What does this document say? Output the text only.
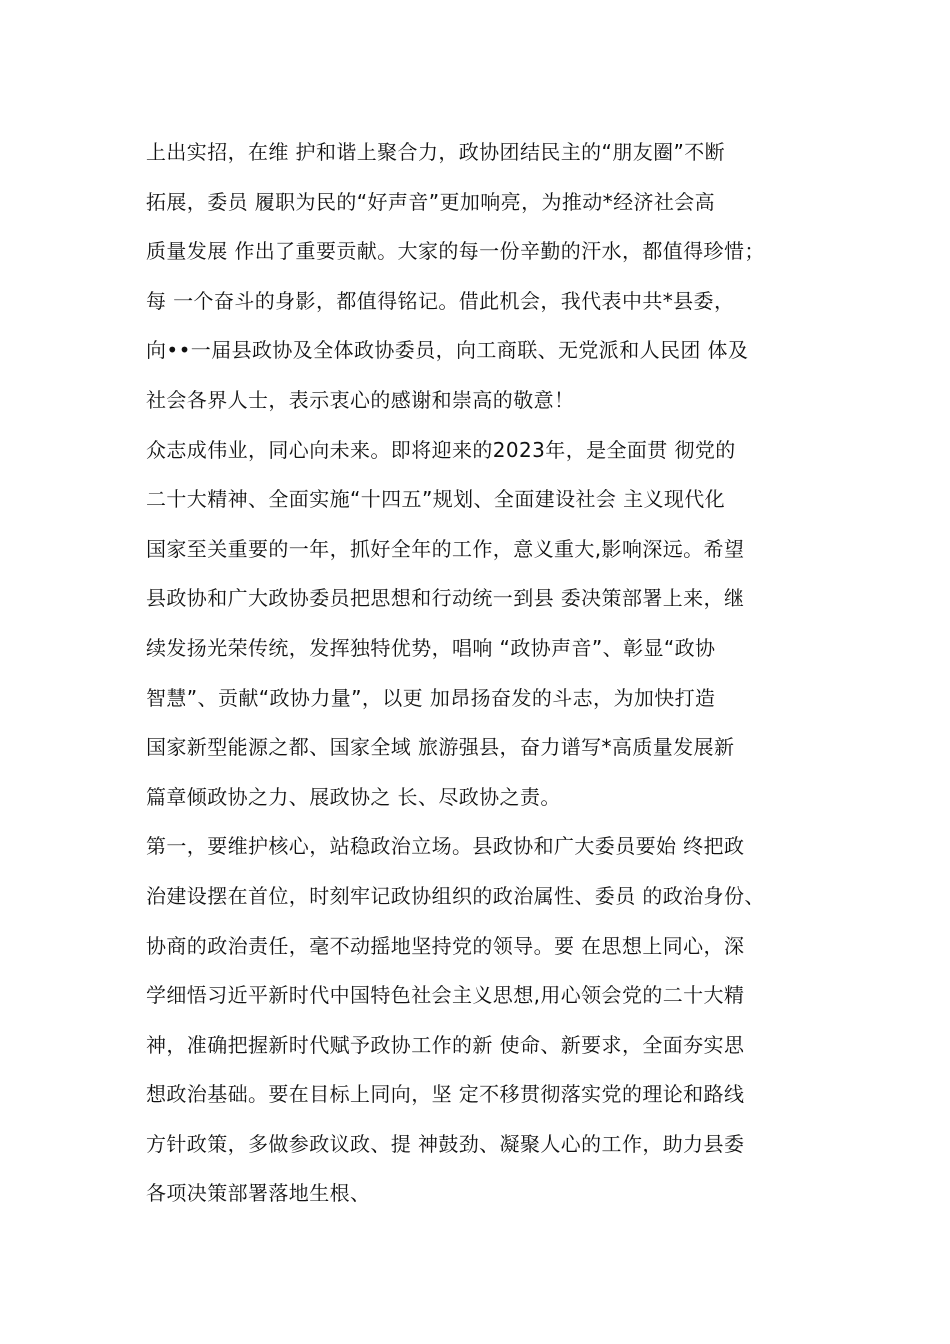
上出实招，在维 护和谐上聚合力，政协团结民主的“朋友圈”不断
拓展，委员 履职为民的“好声音”更加响亮，为推动*经济社会高
质量发展 作出了重要贡献。大家的每一份辛勤的汗水，都值得珍惜；
每 一个奋斗的身影，都值得铭记。借此机会，我代表中共*县委，
向••一届县政协及全体政协委员，向工商联、无党派和人民团 体及
社会各界人士，表示衷心的感谢和崇高的敬意！
众志成伟业，同心向未来。即将迎来的2023年，是全面贯 彻党的
二十大精神、全面实施“十四五”规划、全面建设社会 主义现代化
国家至关重要的一年，抓好全年的工作，意义重大,影响深远。希望
县政协和广大政协委员把思想和行动统一到县 委决策部署上来，继
续发扬光荣传统，发挥独特优势，唱响 “政协声音”、彰显“政协
智慧”、贡献“政协力量”，以更 加昂扬奋发的斗志，为加快打造
国家新型能源之都、国家全域 旅游强县，奋力谱写*高质量发展新
篇章倾政协之力、展政协之 长、尽政协之责。
第一，要维护核心，站稳政治立场。县政协和广大委员要始 终把政
治建设摆在首位，时刻牢记政协组织的政治属性、委员 的政治身份、
协商的政治责任，毫不动摇地坚持党的领导。要 在思想上同心，深
学细悟习近平新时代中国特色社会主义思想,用心领会党的二十大精
神，准确把握新时代赋予政协工作的新 使命、新要求，全面夯实思
想政治基础。要在目标上同向，坚 定不移贯彻落实党的理论和路线
方针政策，多做参政议政、提 神鼓劲、凝聚人心的工作，助力县委
各项决策部署落地生根、
